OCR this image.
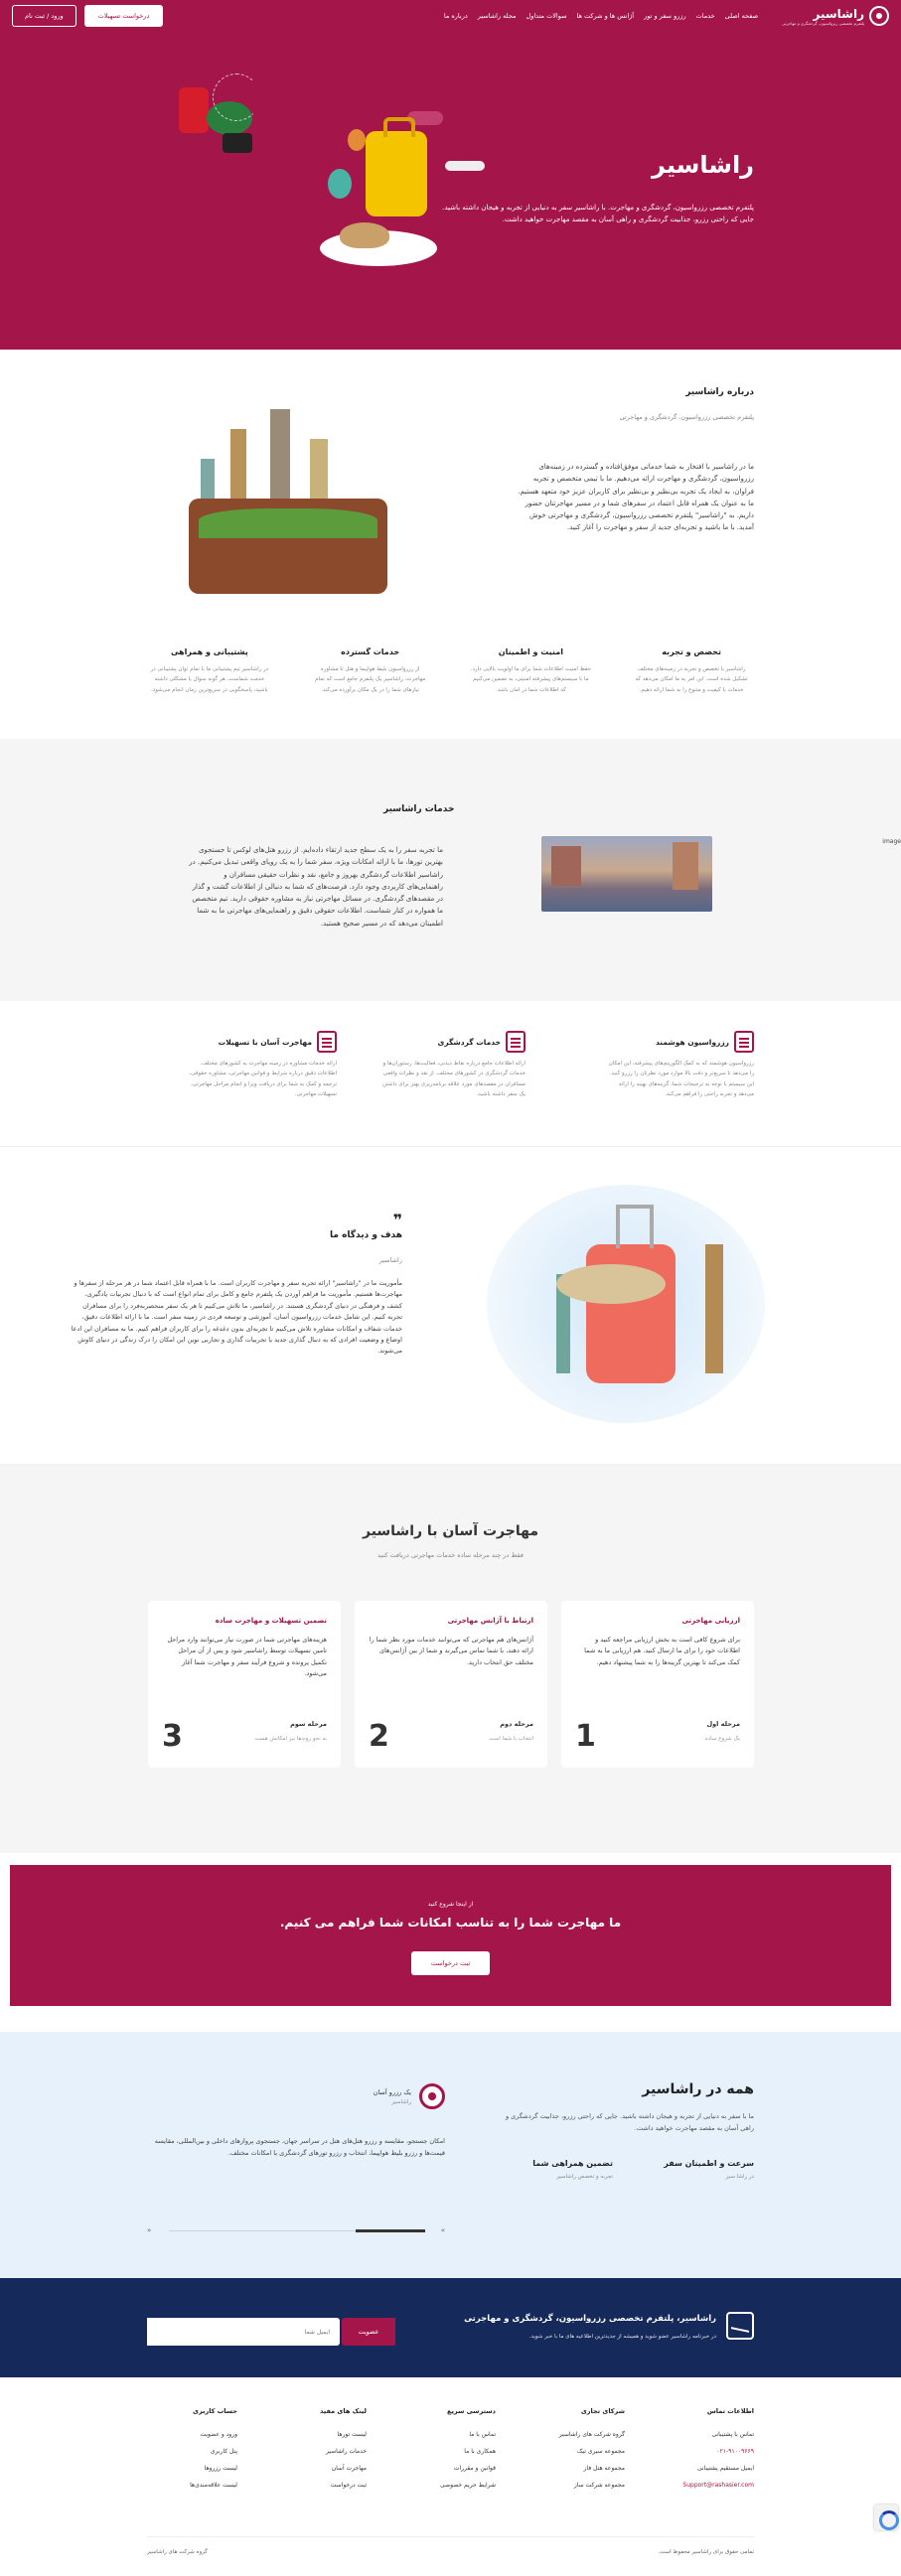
راشاسیر
پلتفرم تخصصی ریزواسیون، گردشگری و مهاجرتی
صفحه اصلی
خدمات
رزرو سفر و تور
آژانس ها و شرکت ها
سوالات متداول
مجله راشاسیر
درباره ما
درخواست تسهیلات
ورود / ثبت نام
راشاسیر

پلتفرم تخصصی رزرواسیون، گردشگری و مهاجرت. با راشاسیر سفر به دنیایی از تجربه و هیجان داشته باشید. جایی که راحتی رزرو، جذابیت گردشگری و راهی آسان به مقصد مهاجرت خواهید داشت.

درباره راشاسیر

پلتفرم تخصصی رزرواسیون، گردشگری و مهاجرتی

ما در راشاسیر با افتخار به شما خدماتی موفق‌افتاده و گسترده در زمینه‌های رزرواسیون، گردشگری و مهاجرت ارائه می‌دهیم. ما با تیمی متخصص و تجربه فراوان، به ایجاد یک تجربه بی‌نظیر و بی‌نظیر برای کاربران عزیز خود متعهد هستیم. ما به عنوان یک همراه قابل اعتماد در سفرهای شما و در مسیر مهاجرتتان حضور داریم. به "راشاسیر" پلتفرم تخصصی رزرواسیون، گردشگری و مهاجرتی خوش آمدید. با ما باشید و تجربه‌ای جدید از سفر و مهاجرت را آغاز کنید.

تخصص و تجربه

راشاسیر با تخصص و تجربه در زمینه‌های مختلف تشکیل شده است. این امر به ما امکان می‌دهد که خدمات با کیفیت و متنوع را به شما ارائه دهیم.

امنیت و اطمینان

حفظ امنیت اطلاعات شما برای ما اولویت بالایی دارد. ما با سیستم‌های پیشرفته امنیتی، به تضمین می‌کنیم که اطلاعات شما در امان باشد.

خدمات گسترده

از رزرواسیون بلیط هواپیما و هتل تا مشاوره مهاجرت، راشاسیر یک پلتفرم جامع است که تمام نیازهای شما را در یک مکان برآورده می‌کند.

پشتیبانی و همراهی

در راشاسیر تیم پشتیبانی ما با تمام توان پشتیبانی در خدمت شماست. هر گونه سوال یا مشکلی داشته باشید، پاسخگویی در سریع‌ترین زمان انجام می‌شود.

خدمات راشاسیر

ما تجربه سفر را به یک سطح جدید ارتقاء داده‌ایم. از رزرو هتل‌های لوکس تا جستجوی بهترین تورها، ما با ارائه امکانات ویژه، سفر شما را به یک رویای واقعی تبدیل می‌کنیم. در راشاسیر اطلاعات گردشگری بهروز و جامع، نقد و نظرات حقیقی مسافران و راهنمایی‌های کاربردی وجود دارد. فرصت‌های که شما به دنبالی از اطلاعات گشت و گذار در مقصدهای گردشگری. در مسائل مهاجرتی نیاز به مشاوره حقوقی دارید. تیم متخصص ما همواره در کنار شماست. اطلاعات حقوقی دقیق و راهنمایی‌های مهاجرتی ما به شما اطمینان می‌دهد که در مسیر صحیح هستید.

image
رزرواسیون هوشمند

رزرواسیون هوشمند که به کمک الگوریتم‌های پیشرفته، این امکان را می‌دهد تا سریع‌تر و دقت بالا موارد مورد نظرتان را رزرو کنید. این سیستم با توجه به ترجیحات شما، گزینه‌های بهینه را ارائه می‌دهد و تجربه راحتی را فراهم می‌کند.

خدمات گردشگری

ارائه اطلاعات جامع درباره نقاط دیدنی، فعالیت‌ها، رستوران‌ها و خدمات گردشگری در کشورهای مختلف. از نقد و نظرات واقعی مسافران در مقصدهای مورد علاقه برنامه‌ریزی بهتر برای داشتن یک سفر داشته باشید.

مهاجرت آسان با تسهیلات

ارائه خدمات مشاوره در زمینه مهاجرت به کشورهای مختلف. اطلاعات دقیق درباره شرایط و قوانین مهاجرتی، مشاوره حقوقی، ترجمه و کمک به شما برای دریافت ویزا و انجام مراحل مهاجرتی، تسهیلات مهاجرتی.

❞
هدف و دیدگاه ما

راشاسیر

مأموریت ما در "راشاسیر" ارائه تجربه سفر و مهاجرت کاربران است. ما با همراه قابل اعتماد شما در هر مرحله از سفرها و مهاجرت‌ها هستیم. مأموریت ما فراهم آوردن یک پلتفرم جامع و کامل برای تمام انواع است که با دنبال تجربیات یادگیری، کشف و فرهنگی در دنیای گردشگری هستند. در راشاسیر، ما تلاش می‌کنیم تا هر یک سفر منحصربه‌فرد را برای مسافران تجربه کنیم. این شامل خدمات رزرواسیون آسان، آموزشی و توسعه فردی در زمینه سفر است. ما با ارائه اطلاعات دقیق، خدمات شفاف و امکانات مشاوره تلاش می‌کنیم تا تجربه‌ای بدون دغدغه را برای کاربران فراهم کنیم. ما به مسافران این ادعا اوضاع و وضعیت افرادی که به دنبال گذاری جدید یا تجربیات گذاری و تجاربی نوین این امکان را درک زندگی در دنیای کاوش می‌شوند.

مهاجرت آسان با راشاسیر

فقط در چند مرحله ساده خدمات مهاجرتی دریافت کنید

ارزیابی مهاجرتی

برای شروع کافی است به بخش ارزیابی مراجعه کنید و اطلاعات خود را برای ما ارسال کنید. هم ارزیابی ما به شما کمک می‌کند تا بهترین گزینه‌ها را به شما پیشنهاد دهیم.

1	مرحله اول
یک شروع ساده
ارتباط با آژانس مهاجرتی

آژانس‌های هم مهاجرتی که می‌توانند خدمات مورد نظر شما را ارائه دهند، با شما تماس می‌گیرند و شما از بین آژانس‌های مختلف حق انتخاب دارید.

2	مرحله دوم
انتخاب با شما است
تضمین تسهیلات و مهاجرت ساده

هزینه‌های مهاجرتی شما در صورت نیاز می‌توانند وارد مراحل تامین تسهیلات توسط راشاسیر شود و پس از آن مراحل تکمیل پرونده و شروع فرآیند سفر و مهاجرت شما آغاز می‌شود.

3	مرحله سوم
به نحو روندها نیز امکانش هست

از اینجا شروع کنید

ما مهاجرت شما را به تناسب امکانات شما فراهم می کنیم.

ثبت درخواست
همه در راشاسیر

ما با سفر به دنیایی از تجربه و هیجان داشته باشید. جایی که راحتی رزرو، جذابیت گردشگری و راهی آسان به مقصد مهاجرت خواهید داشت.

سرعت و اطمینان سفر

در راشا سیر

تضمین همراهی شما

تجربه و تخصص راشاسیر

یک رزرو آسان

راشاسیر

امکان جستجو، مقایسه و رزرو هتل‌های هتل در سراسر جهان، جستجوی پروازهای داخلی و بین‌المللی، مقایسه قیمت‌ها و رزرو بلیط هواپیما، انتخاب و رزرو تورهای گردشگری با امکانات مختلف.

»
«

راشاسیر، پلتفرم تخصصی رزرواسیون، گردشگری و مهاجرتی

در خبرنامه راشاسیر عضو شوید و همیشه از جدیدترین اطلاعیه های ما با خبر شوید.

ایمیل شما
عضویت
اطلاعات تماس
تماس با پشتیبانی
۰۲۱-۹۱۰۰۹۶۶۹
ایمیل مستقیم پشتیبانی
Support@rashasier.com
شرکای تجاری
گروه شرکت های راشاسیر
مجموعه سیری تیک
مجموعه هتل فاز
مجموعه شرکت ساز
دسترسی سریع
تماس با ما
همکاری با ما
قوانین و مقررات
شرایط حریم خصوصی
لینک های مفید
لیست تورها
خدمات راشاسیر
مهاجرت آسان
ثبت درخواست
حساب کاربری
ورود و عضویت
پنل کاربری
لیست رزروها
لیست علاقه‌مندی‌ها
تمامی حقوق برای راشاسیر محفوظ است.
گروه شرکت های راشاسیر
